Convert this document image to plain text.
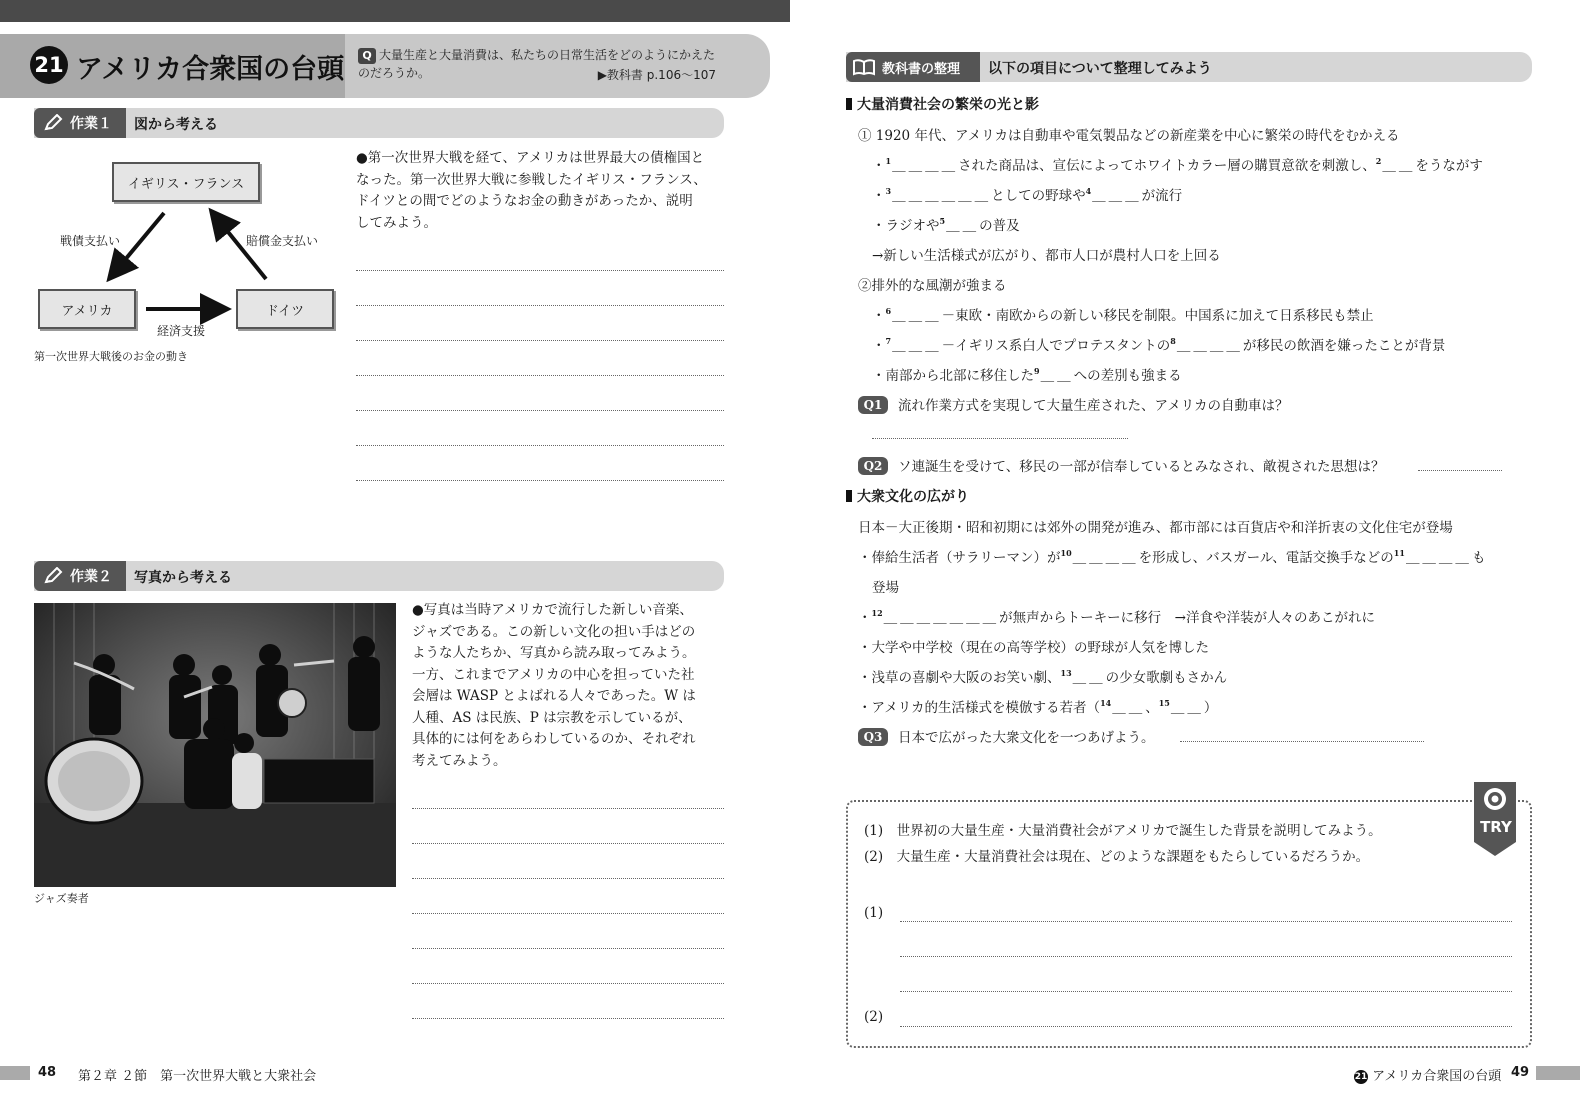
21 アメリカ合衆国の台頭	Q 大量生産と大量消費は、私たちの日常生活をどのようにかえた
のだろうか。	▶教科書 p.106～107
作業１ 図から考える
イギリス・フランス
アメリカ	ドイツ
戦債支払い	賠償金支払い
経済支援
第一次世界大戦後のお金の動き
●第一次世界大戦を経て、アメリカは世界最大の債権国と
なった。第一次世界大戦に参戦したイギリス・フランス、
ドイツとの間でどのようなお金の動きがあったか、説明
してみよう。
作業２ 写真から考える
ジャズ奏者
●写真は当時アメリカで流行した新しい音楽、
ジャズである。この新しい文化の担い手はどの
ような人たちか、写真から読み取ってみよう。
一方、これまでアメリカの中心を担っていた社
会層は WASP とよばれる人々であった。W は
人種、AS は民族、P は宗教を示しているが、
具体的には何をあらわしているのか、それぞれ
考えてみよう。
48 第２章 ２節　第一次世界大戦と大衆社会
教科書の整理 以下の項目について整理してみよう
大量消費社会の繁栄の光と影
① 1920 年代、アメリカは自動車や電気製品などの新産業を中心に繁栄の時代をむかえる
・$^1$＿＿＿＿された商品は、宣伝によってホワイトカラー層の購買意欲を刺激し、$^2$＿＿をうながす
・$^3$＿＿＿＿＿＿としての野球や$^4$＿＿＿が流行
・ラジオや$^5$＿＿の普及
→新しい生活様式が広がり、都市人口が農村人口を上回る
②排外的な風潮が強まる
・$^6$＿＿＿－東欧・南欧からの新しい移民を制限。中国系に加えて日系移民も禁止
・$^7$＿＿＿－イギリス系白人でプロテスタントの$^8$＿＿＿＿が移民の飲酒を嫌ったことが背景
・南部から北部に移住した$^9$＿＿への差別も強まる
Q1 流れ作業方式を実現して大量生産された、アメリカの自動車は？
Q2 ソ連誕生を受けて、移民の一部が信奉しているとみなされ、敵視された思想は？
大衆文化の広がり
日本－大正後期・昭和初期には郊外の開発が進み、都市部には百貨店や和洋折衷の文化住宅が登場
・俸給生活者（サラリーマン）が$^{10}$＿＿＿＿を形成し、バスガール、電話交換手などの$^{11}$＿＿＿＿も
登場
・$^{12}$＿＿＿＿＿＿＿が無声からトーキーに移行　→洋食や洋装が人々のあこがれに
・大学や中学校（現在の高等学校）の野球が人気を博した
・浅草の喜劇や大阪のお笑い劇、$^{13}$＿＿の少女歌劇もさかん
・アメリカ的生活様式を模倣する若者（$^{14}$＿＿、$^{15}$＿＿）
Q3 日本で広がった大衆文化を一つあげよう。
TRY
(1)　世界初の大量生産・大量消費社会がアメリカで誕生した背景を説明してみよう。
(2)　大量生産・大量消費社会は現在、どのような課題をもたらしているだろうか。
(1)
(2)
21 アメリカ合衆国の台頭 49
